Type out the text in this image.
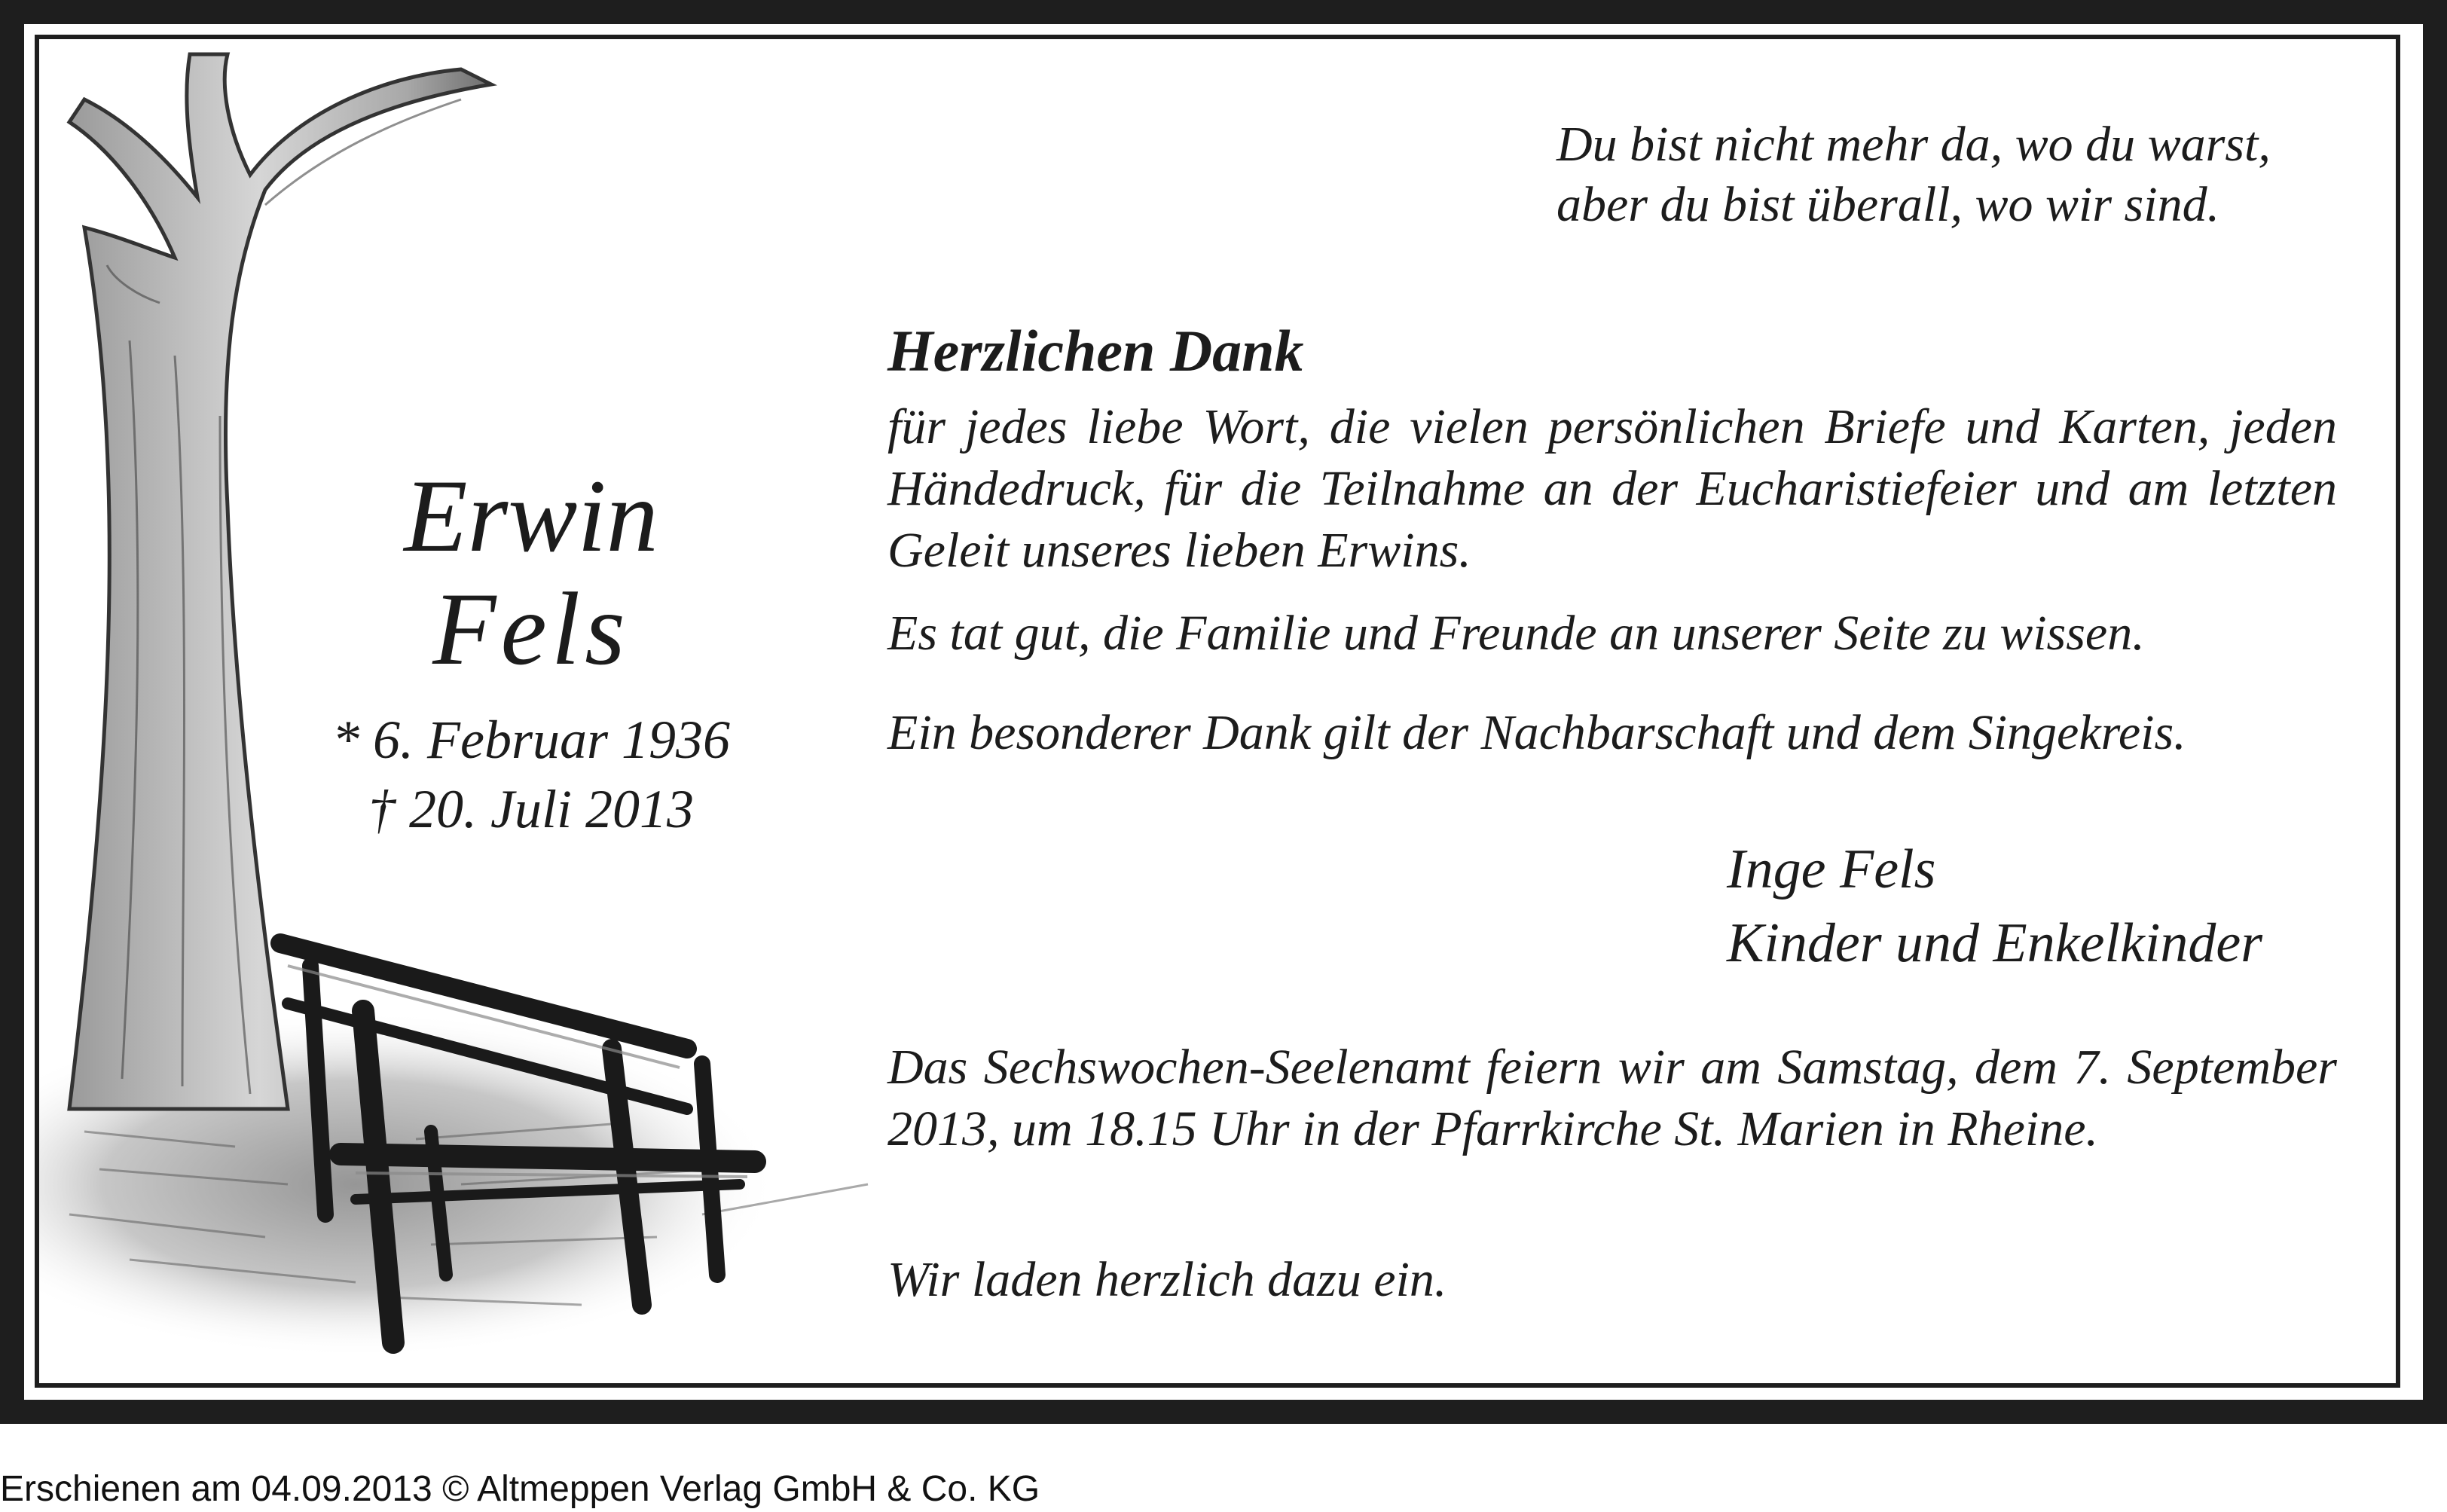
Du bist nicht mehr da, wo du warst,

aber du bist überall, wo wir sind.

Erwin

Fels

* 6. Februar 1936

† 20. Juli 2013

Herzlichen Dank

für jedes liebe Wort, die vielen persönlichen Briefe und Karten, jeden Händedruck, für die Teilnahme an der Eucharistiefeier und am letzten Geleit unseres lieben Erwins.

Es tat gut, die Familie und Freunde an unserer Seite zu wissen.

Ein besonderer Dank gilt der Nachbarschaft und dem Singekreis.

Inge Fels

Kinder und Enkelkinder

Das Sechswochen-Seelenamt feiern wir am Samstag, dem 7. September 2013, um 18.15 Uhr in der Pfarrkirche St. Marien in Rheine.

Wir laden herzlich dazu ein.

Erschienen am 04.09.2013 © Altmeppen Verlag GmbH & Co. KG
